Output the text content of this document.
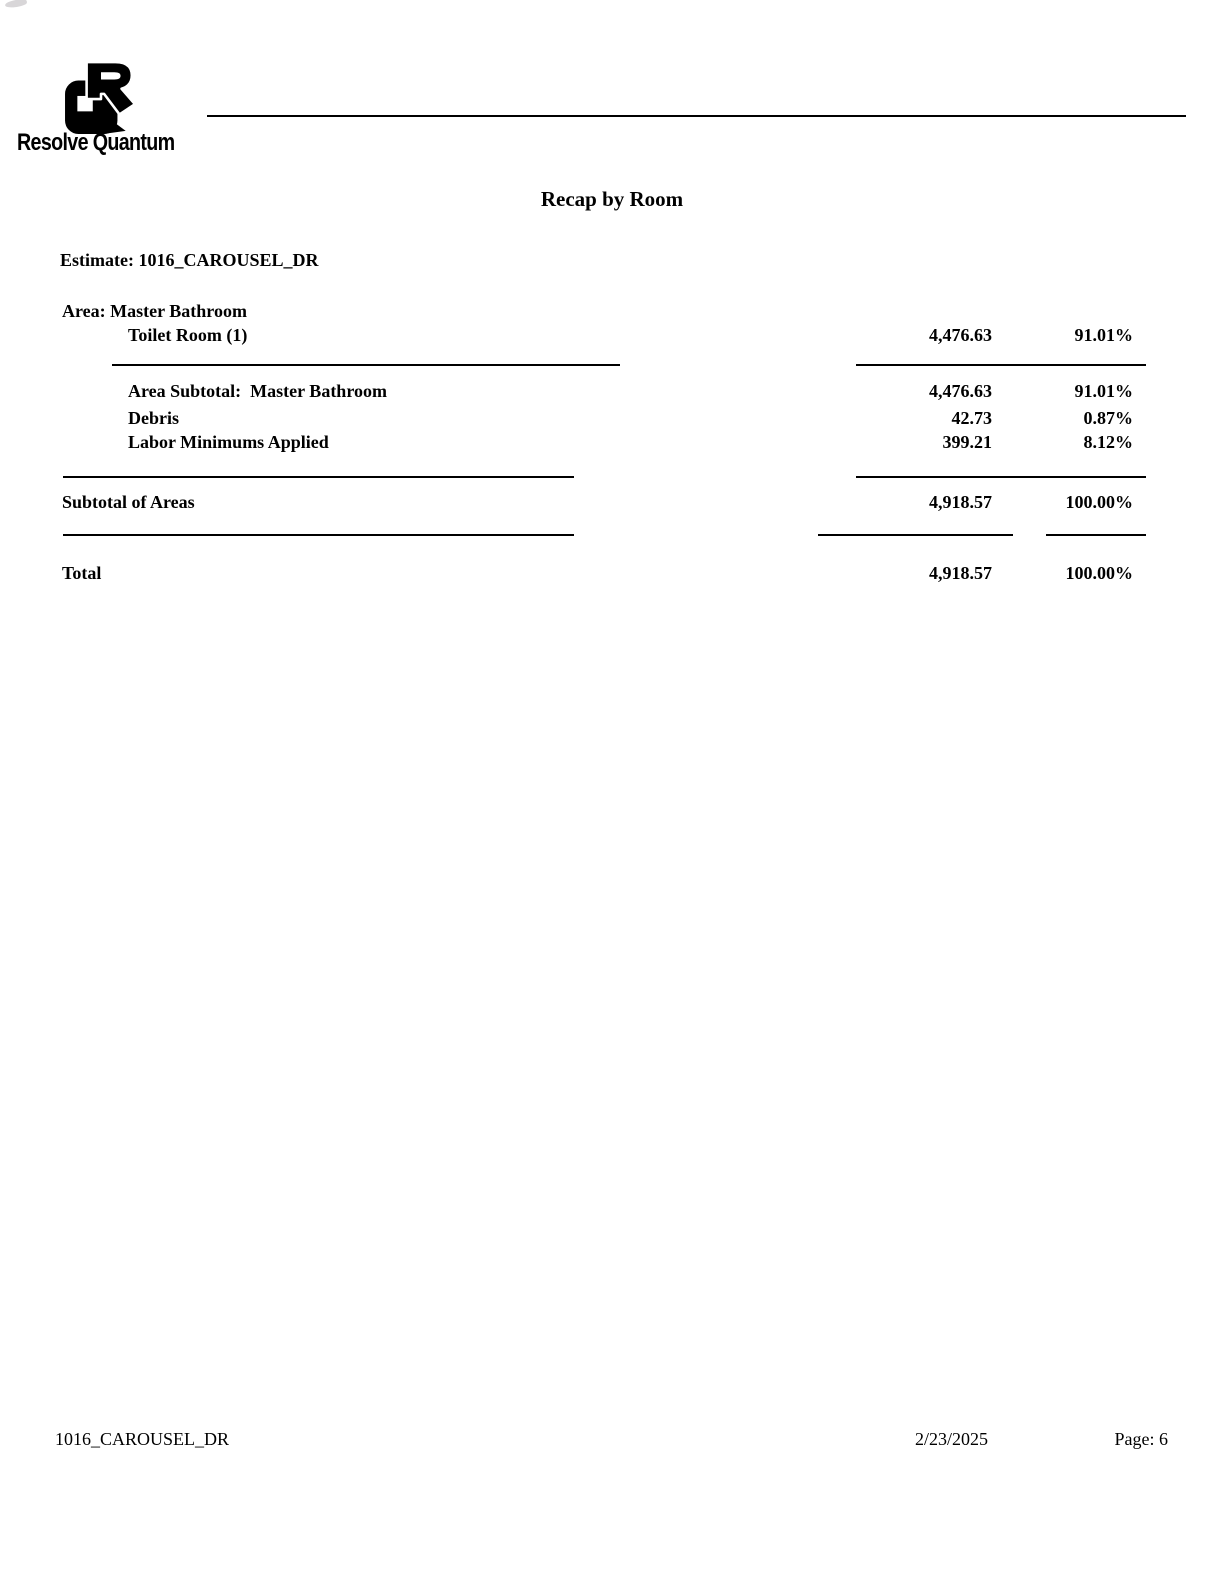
Resolve Quantum
Recap by Room
Estimate: 1016_CAROUSEL_DR
Area: Master Bathroom
Toilet Room (1)	4,476.63	91.01%
Area Subtotal:  Master Bathroom	4,476.63	91.01%
Debris	42.73	0.87%
Labor Minimums Applied	399.21	8.12%
Subtotal of Areas	4,918.57	100.00%
Total	4,918.57	100.00%
1016_CAROUSEL_DR	2/23/2025	Page: 6
